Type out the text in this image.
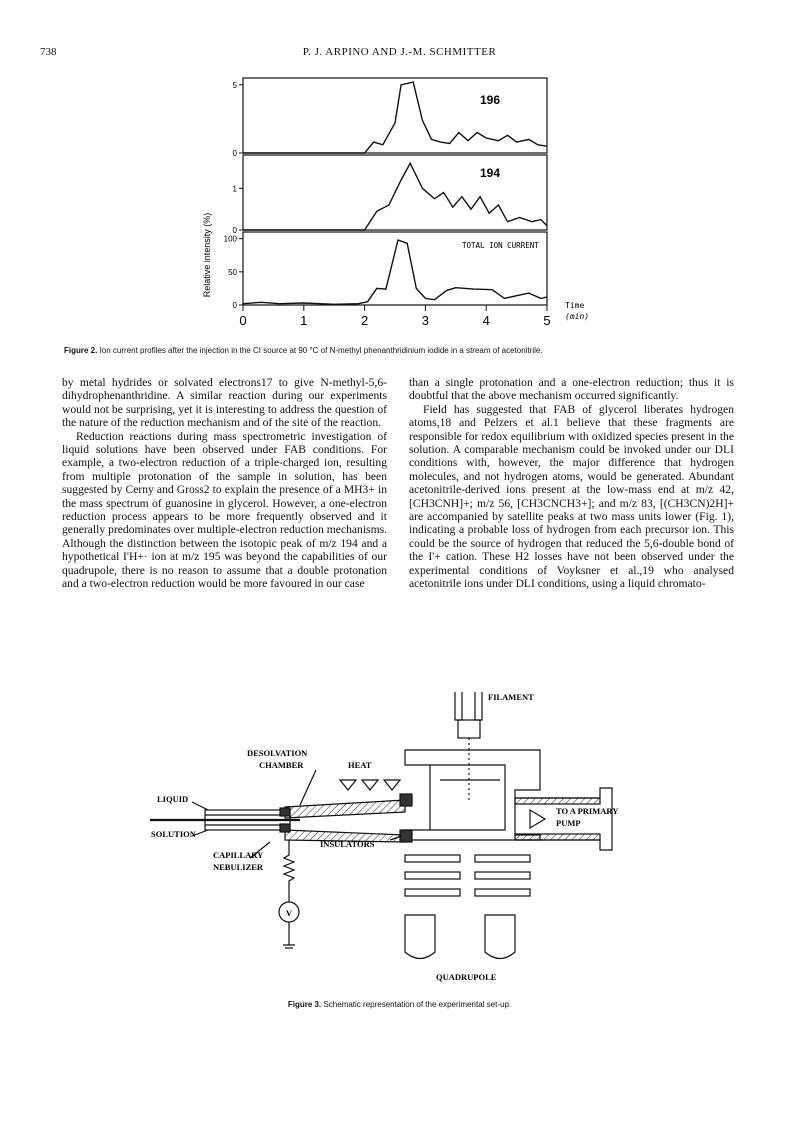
738	P. J. ARPINO AND J.-M. SCHMITTER
0
5
196
0
1
194
0
50
100
TOTAL ION CURRENT
Relative intensity (%)
0	1	2	3	4	5
Time
(min)
Figure 2. Ion current profiles after the injection in the CI source at 90 °C of N-methyl phenanthridinium iodide in a stream of acetonitrile.

by metal hydrides or solvated electrons17 to give N-methyl-5,6-dihydrophenanthridine. A similar reaction during our experiments would not be surprising, yet it is interesting to address the question of the nature of the reduction mechanism and of the site of the reaction.

Reduction reactions during mass spectrometric investigation of liquid solutions have been observed under FAB conditions. For example, a two-electron reduction of a triple-charged ion, resulting from multiple protonation of the sample in solution, has been suggested by Cerny and Gross2 to explain the presence of a MH3+ in the mass spectrum of guanosine in glycerol. However, a one-electron reduction process appears to be more frequently observed and it generally predominates over multiple-electron reduction mechanisms. Although the distinction between the isotopic peak of m/z 194 and a hypothetical I'H+· ion at m/z 195 was beyond the capabilities of our quadrupole, there is no reason to assume that a double protonation and a two-electron reduction would be more favoured in our case

than a single protonation and a one-electron reduction; thus it is doubtful that the above mechanism occurred significantly.

Field has suggested that FAB of glycerol liberates hydrogen atoms,18 and Pelzers et al.1 believe that these fragments are responsible for redox equilibrium with oxidized species present in the solution. A comparable mechanism could be invoked under our DLI conditions with, however, the major difference that hydrogen molecules, and not hydrogen atoms, would be generated. Abundant acetonitrile-derived ions present at the low-mass end at m/z 42, [CH3CNH]+; m/z 56, [CH3CNCH3+]; and m/z 83, [(CH3CN)2H]+ are accompanied by satellite peaks at two mass units lower (Fig. 1), indicating a probable loss of hydrogen from each precursor ion. This could be the source of hydrogen that reduced the 5,6-double bond of the I'+ cation. These H2 losses have not been observed under the experimental conditions of Voyksner et al.,19 who analysed acetonitrile ions under DLI conditions, using a liquid chromato-

FILAMENT
DESOLVATION
CHAMBER	HEAT
LIQUID
SOLUTION
INSULATORS
CAPILLARY
NEBULIZER
TO A PRIMARY
PUMP
QUADRUPOLE
V
Figure 3. Schematic representation of the experimental set-up.
